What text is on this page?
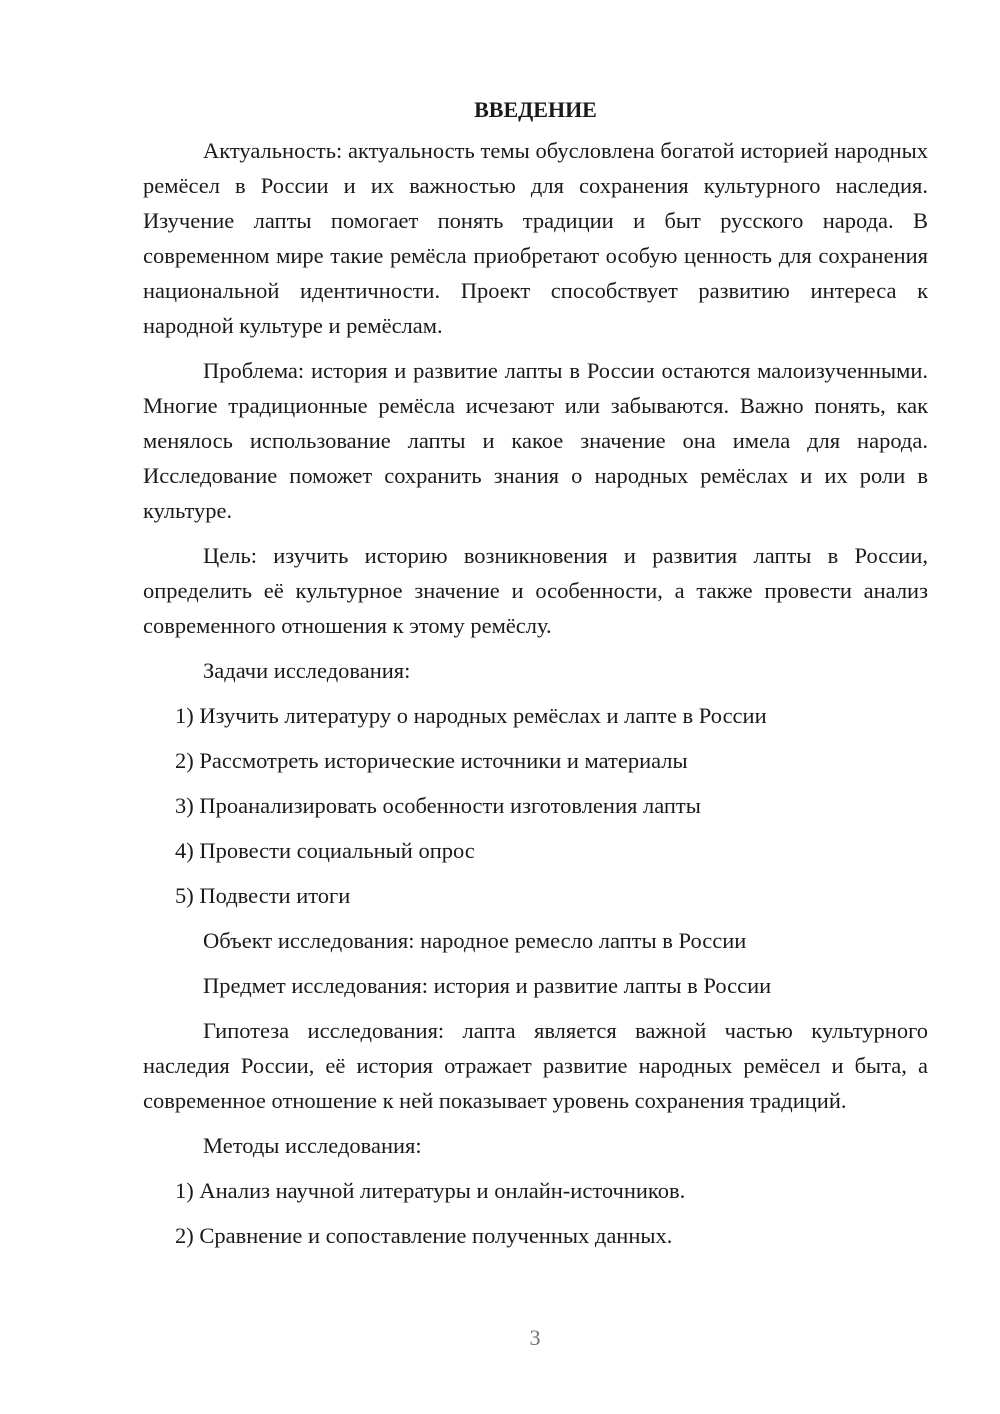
ВВЕДЕНИЕ

Актуальность: актуальность темы обусловлена богатой историей народных ремёсел в России и их важностью для сохранения культурного наследия. Изучение лапты помогает понять традиции и быт русского народа. В современном мире такие ремёсла приобретают особую ценность для сохранения национальной идентичности. Проект способствует развитию интереса к народной культуре и ремёслам.

Проблема: история и развитие лапты в России остаются малоизученными. Многие традиционные ремёсла исчезают или забываются. Важно понять, как менялось использование лапты и какое значение она имела для народа. Исследование поможет сохранить знания о народных ремёслах и их роли в культуре.

Цель: изучить историю возникновения и развития лапты в России, определить её культурное значение и особенности, а также провести анализ современного отношения к этому ремёслу.

Задачи исследования:
1) Изучить литературу о народных ремёслах и лапте в России
2) Рассмотреть исторические источники и материалы
3) Проанализировать особенности изготовления лапты
4) Провести социальный опрос
5) Подвести итоги
Объект исследования: народное ремесло лапты в России
Предмет исследования: история и развитие лапты в России

Гипотеза исследования: лапта является важной частью культурного наследия России, её история отражает развитие народных ремёсел и быта, а современное отношение к ней показывает уровень сохранения традиций.

Методы исследования:
1) Анализ научной литературы и онлайн-источников.
2) Сравнение и сопоставление полученных данных.
3
